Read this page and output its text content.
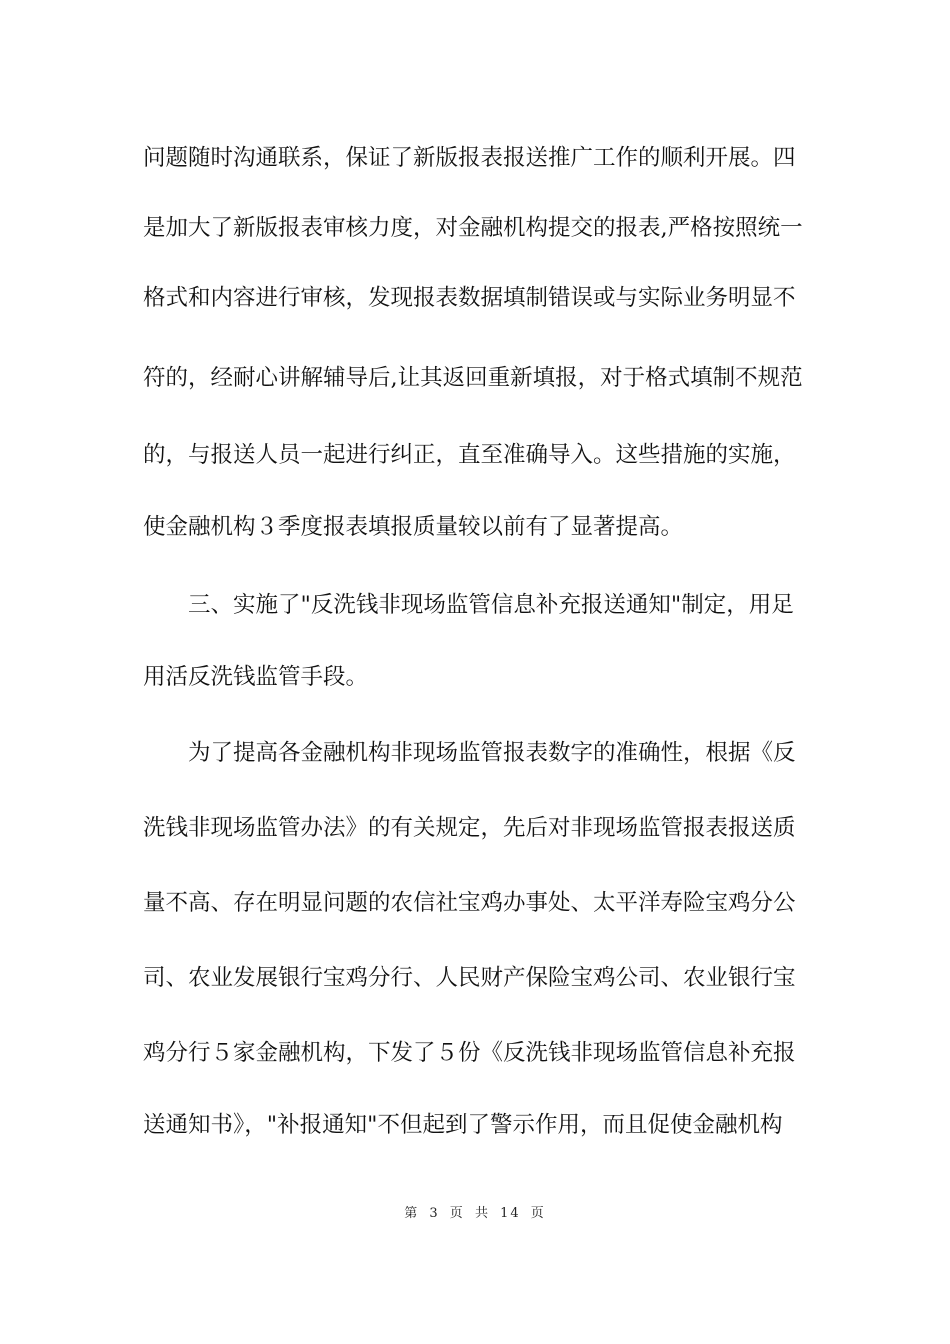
问题随时沟通联系，保证了新版报表报送推广工作的顺利开展。四
是加大了新版报表审核力度，对金融机构提交的报表,严格按照统一
格式和内容进行审核，发现报表数据填制错误或与实际业务明显不
符的，经耐心讲解辅导后,让其返回重新填报，对于格式填制不规范
的，与报送人员一起进行纠正，直至准确导入。这些措施的实施，
使金融机构３季度报表填报质量较以前有了显著提高。
三、实施了"反洗钱非现场监管信息补充报送通知"制定，用足
用活反洗钱监管手段。
为了提高各金融机构非现场监管报表数字的准确性，根据《反
洗钱非现场监管办法》的有关规定，先后对非现场监管报表报送质
量不高、存在明显问题的农信社宝鸡办事处、太平洋寿险宝鸡分公
司、农业发展银行宝鸡分行、人民财产保险宝鸡公司、农业银行宝
鸡分行５家金融机构，下发了５份《反洗钱非现场监管信息补充报
送通知书》，"补报通知"不但起到了警示作用，而且促使金融机构
第 3 页 共 14 页
